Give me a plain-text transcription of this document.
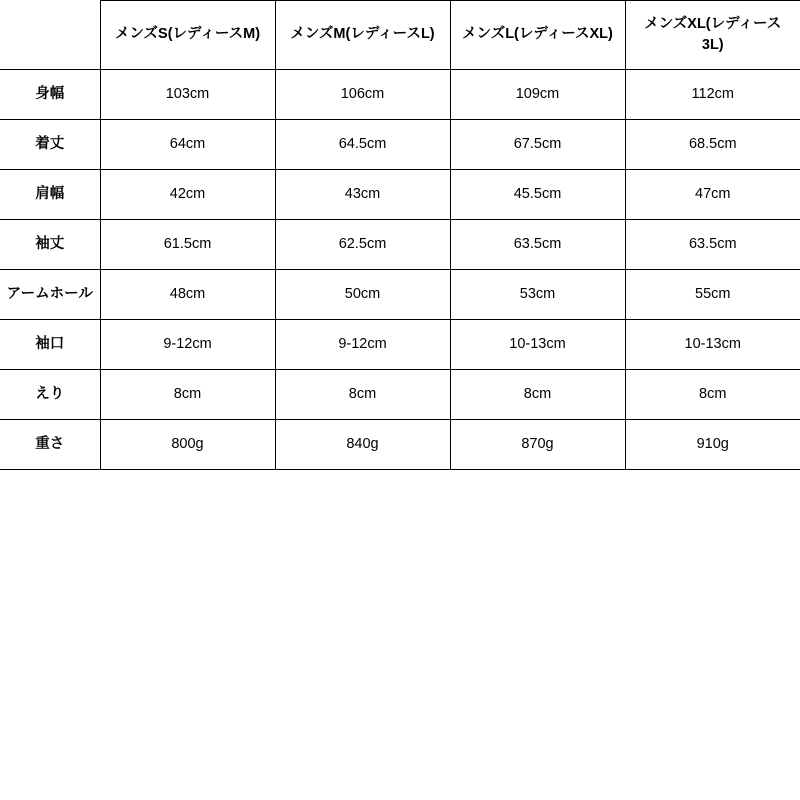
	メンズS(レディースM)	メンズM(レディースL)	メンズL(レディースXL)	メンズXL(レディース3L)
身幅	103cm	106cm	109cm	112cm
着丈	64cm	64.5cm	67.5cm	68.5cm
肩幅	42cm	43cm	45.5cm	47cm
袖丈	61.5cm	62.5cm	63.5cm	63.5cm
アームホール	48cm	50cm	53cm	55cm
袖口	9-12cm	9-12cm	10-13cm	10-13cm
えり	8cm	8cm	8cm	8cm
重さ	800g	840g	870g	910g
